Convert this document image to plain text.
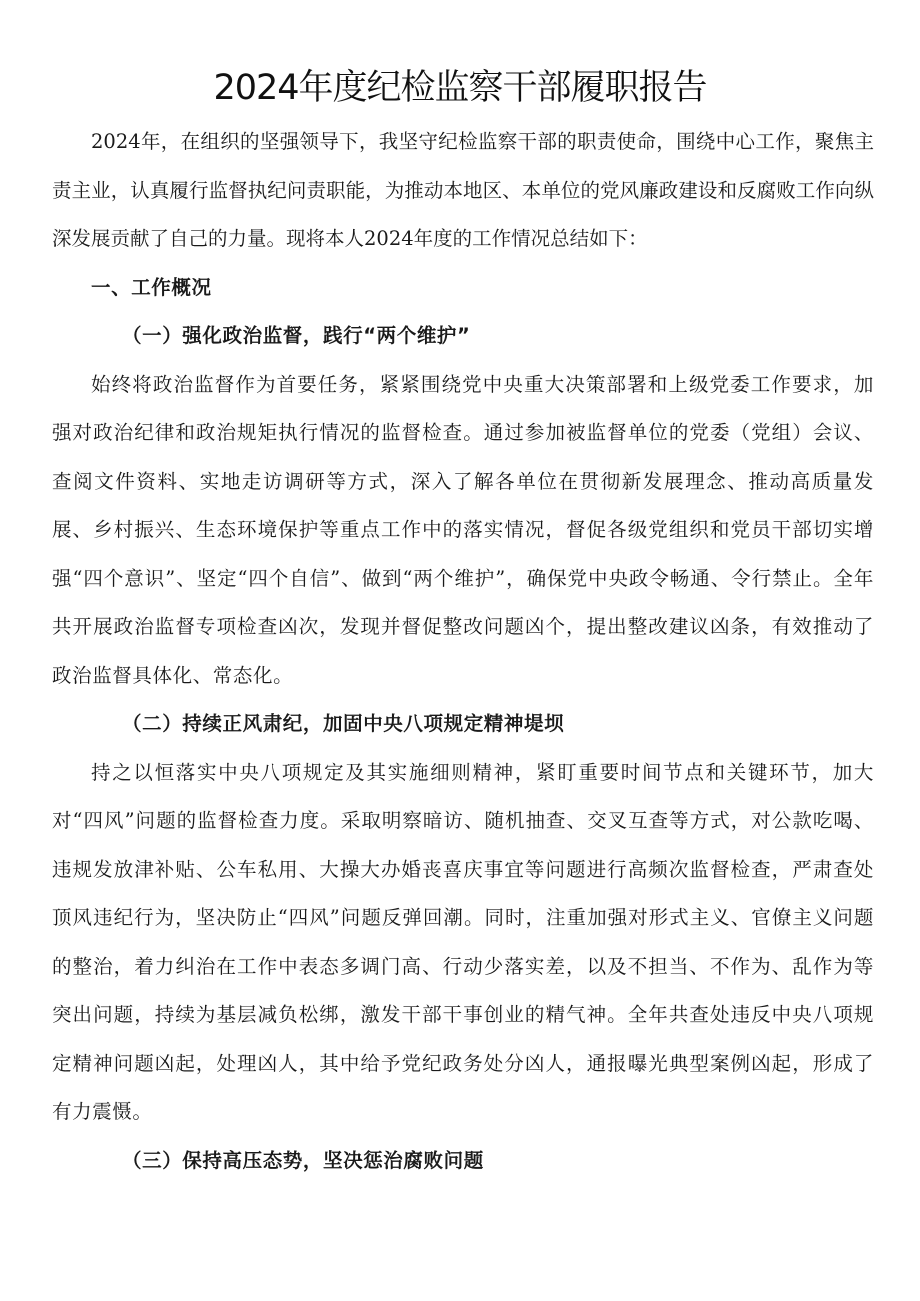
2024年度纪检监察干部履职报告

2024年，在组织的坚强领导下，我坚守纪检监察干部的职责使命，围绕中心工作，聚焦主责主业，认真履行监督执纪问责职能，为推动本地区、本单位的党风廉政建设和反腐败工作向纵深发展贡献了自己的力量。现将本人2024年度的工作情况总结如下：

一、工作概况

（一）强化政治监督，践行“两个维护”

始终将政治监督作为首要任务，紧紧围绕党中央重大决策部署和上级党委工作要求，加强对政治纪律和政治规矩执行情况的监督检查。通过参加被监督单位的党委（党组）会议、查阅文件资料、实地走访调研等方式，深入了解各单位在贯彻新发展理念、推动高质量发展、乡村振兴、生态环境保护等重点工作中的落实情况，督促各级党组织和党员干部切实增强“四个意识”、坚定“四个自信”、做到“两个维护”，确保党中央政令畅通、令行禁止。全年共开展政治监督专项检查凶次，发现并督促整改问题凶个，提出整改建议凶条，有效推动了政治监督具体化、常态化。

（二）持续正风肃纪，加固中央八项规定精神堤坝

持之以恒落实中央八项规定及其实施细则精神，紧盯重要时间节点和关键环节，加大对“四风”问题的监督检查力度。采取明察暗访、随机抽查、交叉互查等方式，对公款吃喝、违规发放津补贴、公车私用、大操大办婚丧喜庆事宜等问题进行高频次监督检查，严肃查处顶风违纪行为，坚决防止“四风”问题反弹回潮。同时，注重加强对形式主义、官僚主义问题的整治，着力纠治在工作中表态多调门高、行动少落实差，以及不担当、不作为、乱作为等突出问题，持续为基层减负松绑，激发干部干事创业的精气神。全年共查处违反中央八项规定精神问题凶起，处理凶人，其中给予党纪政务处分凶人，通报曝光典型案例凶起，形成了有力震慑。

（三）保持高压态势，坚决惩治腐败问题
